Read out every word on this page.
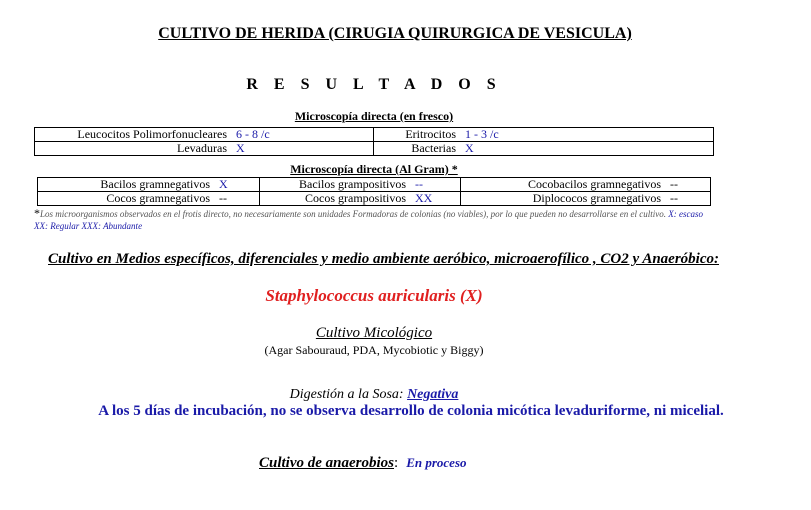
CULTIVO DE HERIDA (CIRUGIA QUIRURGICA DE VESICULA)
R E S U L T A D O S
Microscopía directa (en fresco)
Leucocitos Polimorfonucleares 6 - 8 /c	Eritrocitos 1 - 3 /c
Levaduras X	Bacterias X
Microscopía directa (Al Gram) *
Bacilos gramnegativos X	Bacilos grampositivos --	Cocobacilos gramnegativos --
Cocos gramnegativos --	Cocos grampositivos XX	Diplococos gramnegativos --
*Los microorganismos observados en el frotis directo, no necesariamente son unidades Formadoras de colonias (no viables), por lo que pueden no desarrollarse en el cultivo. X: escaso XX: Regular XXX: Abundante
Cultivo en Medios específicos, diferenciales y medio ambiente aeróbico, microaerofílico , CO2 y Anaeróbico:
Staphylococcus auricularis (X)
Cultivo Micológico
(Agar Sabouraud, PDA, Mycobiotic y Biggy)
Digestión a la Sosa: Negativa
A los 5 días de incubación, no se observa desarrollo de colonia micótica levaduriforme, ni micelial.
Cultivo de anaerobios: En proceso
